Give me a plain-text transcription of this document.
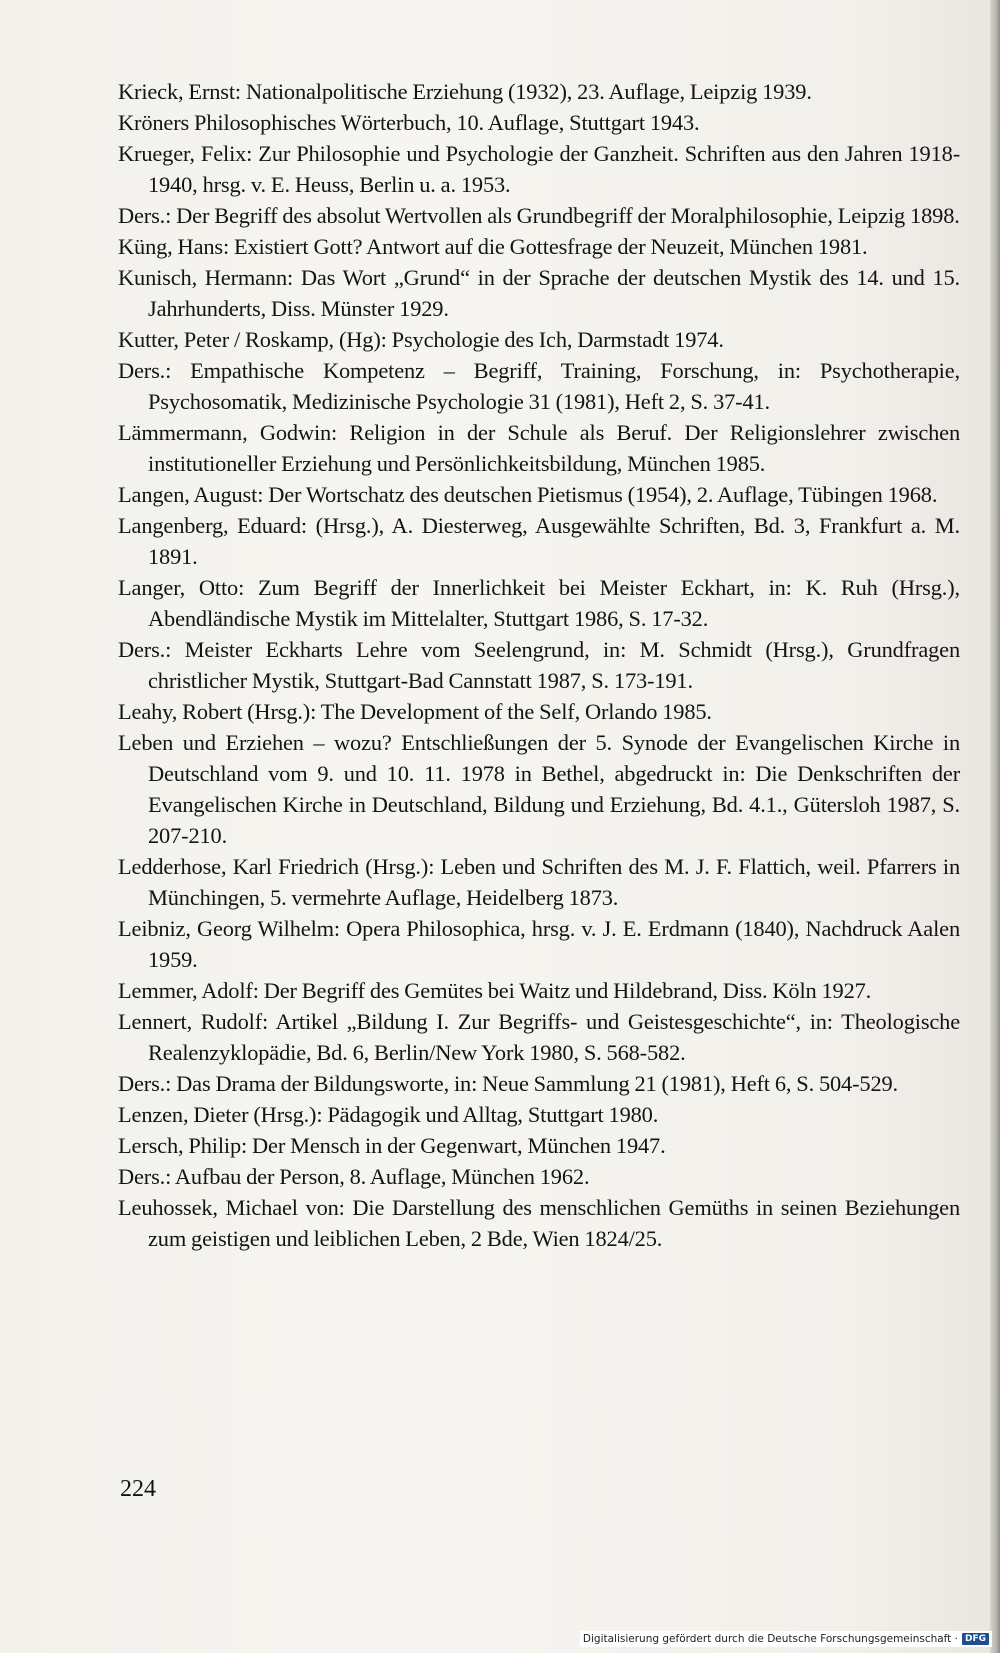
Krieck, Ernst: Nationalpolitische Erziehung (1932), 23. Auflage, Leipzig 1939.
Kröners Philosophisches Wörterbuch, 10. Auflage, Stuttgart 1943.
Krueger, Felix: Zur Philosophie und Psychologie der Ganzheit. Schriften aus den Jahren 1918-1940, hrsg. v. E. Heuss, Berlin u. a. 1953.
Ders.: Der Begriff des absolut Wertvollen als Grundbegriff der Moralphilosophie, Leipzig 1898.
Küng, Hans: Existiert Gott? Antwort auf die Gottesfrage der Neuzeit, München 1981.
Kunisch, Hermann: Das Wort „Grund“ in der Sprache der deutschen Mystik des 14. und 15. Jahrhunderts, Diss. Münster 1929.
Kutter, Peter / Roskamp, (Hg): Psychologie des Ich, Darmstadt 1974.
Ders.: Empathische Kompetenz – Begriff, Training, Forschung, in: Psychotherapie, Psychosomatik, Medizinische Psychologie 31 (1981), Heft 2, S. 37-41.
Lämmermann, Godwin: Religion in der Schule als Beruf. Der Religionslehrer zwischen institutioneller Erziehung und Persönlichkeitsbildung, München 1985.
Langen, August: Der Wortschatz des deutschen Pietismus (1954), 2. Auflage, Tübingen 1968.
Langenberg, Eduard: (Hrsg.), A. Diesterweg, Ausgewählte Schriften, Bd. 3, Frankfurt a. M. 1891.
Langer, Otto: Zum Begriff der Innerlichkeit bei Meister Eckhart, in: K. Ruh (Hrsg.), Abendländische Mystik im Mittelalter, Stuttgart 1986, S. 17-32.
Ders.: Meister Eckharts Lehre vom Seelengrund, in: M. Schmidt (Hrsg.), Grundfragen christlicher Mystik, Stuttgart-Bad Cannstatt 1987, S. 173-191.
Leahy, Robert (Hrsg.): The Development of the Self, Orlando 1985.
Leben und Erziehen – wozu? Entschließungen der 5. Synode der Evangelischen Kirche in Deutschland vom 9. und 10. 11. 1978 in Bethel, abgedruckt in: Die Denkschriften der Evangelischen Kirche in Deutschland, Bildung und Erziehung, Bd. 4.1., Gütersloh 1987, S. 207-210.
Ledderhose, Karl Friedrich (Hrsg.): Leben und Schriften des M. J. F. Flattich, weil. Pfarrers in Münchingen, 5. vermehrte Auflage, Heidelberg 1873.
Leibniz, Georg Wilhelm: Opera Philosophica, hrsg. v. J. E. Erdmann (1840), Nachdruck Aalen 1959.
Lemmer, Adolf: Der Begriff des Gemütes bei Waitz und Hildebrand, Diss. Köln 1927.
Lennert, Rudolf: Artikel „Bildung I. Zur Begriffs- und Geistesgeschichte“, in: Theologische Realenzyklopädie, Bd. 6, Berlin/New York 1980, S. 568-582.
Ders.: Das Drama der Bildungsworte, in: Neue Sammlung 21 (1981), Heft 6, S. 504-529.
Lenzen, Dieter (Hrsg.): Pädagogik und Alltag, Stuttgart 1980.
Lersch, Philip: Der Mensch in der Gegenwart, München 1947.
Ders.: Aufbau der Person, 8. Auflage, München 1962.
Leuhossek, Michael von: Die Darstellung des menschlichen Gemüths in seinen Beziehungen zum geistigen und leiblichen Leben, 2 Bde, Wien 1824/25.
224
Digitalisierung gefördert durch die Deutsche Forschungsgemeinschaft · DFG
